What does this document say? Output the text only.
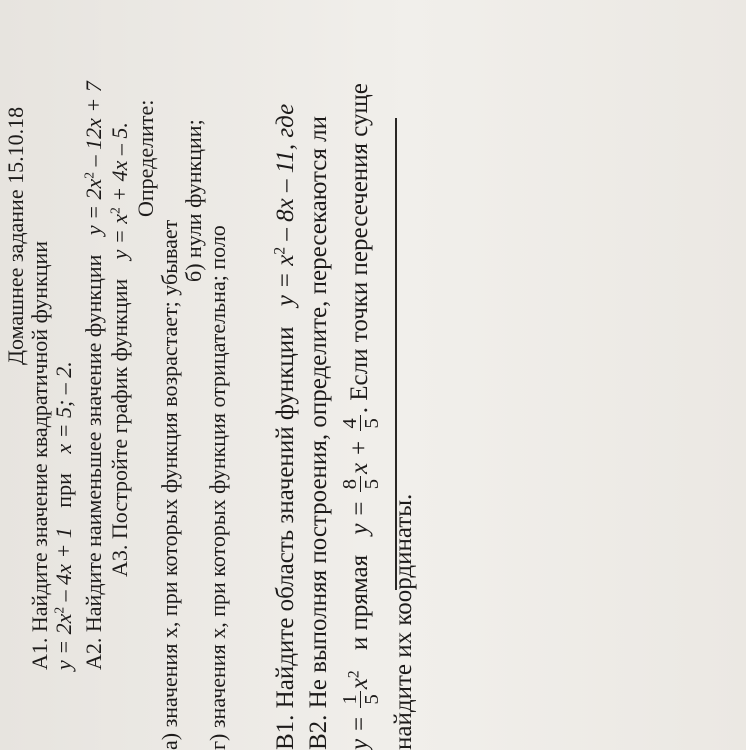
Домашнее задание 15.10.18
А1. Найдите значение квадратичной функции $y = 2x^2 - 4x + 1$ при x = 5; – 2. А2. Найдите наименьшее значение функции $y = 2x^2 - 12x + 7$
А3. Постройте график функции $y = x^2 + 4x - 5$. Определите:
а) значения x, при которых функция возрастает; убывает
б) нули функции;
г) значения x, при которых функция отрицательна; поло В1. Найдите область значений функции $y = x^2 - 8x - 11$, где В2. Не выполняя построения, определите, пересекаются ли y =
1 5
$x^2$ и прямая y =
8 5
x +
4 5
. Если точки пересечения суще
найдите их координаты.
